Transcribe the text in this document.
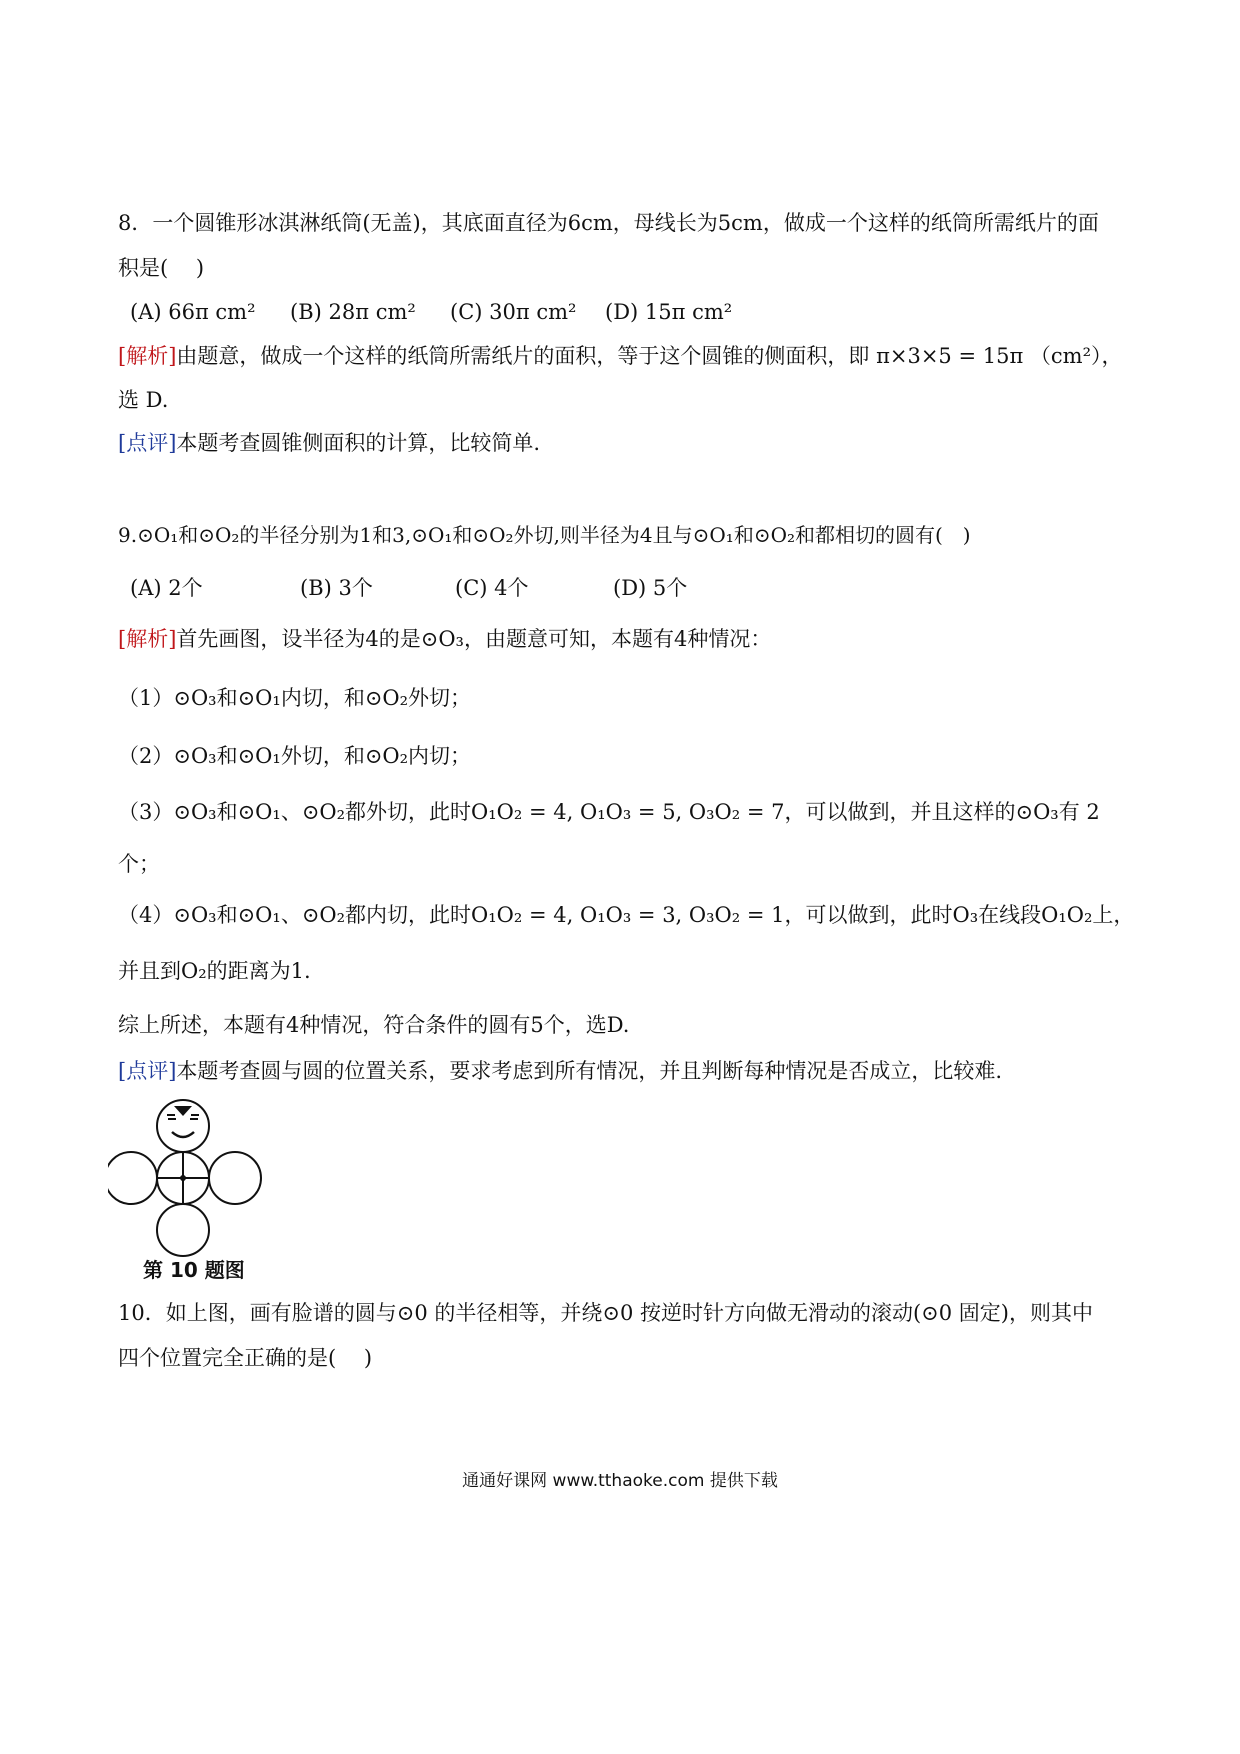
8．一个圆锥形冰淇淋纸筒(无盖)，其底面直径为6cm，母线长为5cm，做成一个这样的纸筒所需纸片的面
积是(　 )
(A) 66π cm² (B) 28π cm² (C) 30π cm² (D) 15π cm²
[解析]由题意，做成一个这样的纸筒所需纸片的面积，等于这个圆锥的侧面积，即 π×3×5 = 15π （cm²），
选 D.
[点评]本题考查圆锥侧面积的计算，比较简单.
9.⊙O₁和⊙O₂的半径分别为1和3,⊙O₁和⊙O₂外切,则半径为4且与⊙O₁和⊙O₂和都相切的圆有(　)
(A) 2个	(B) 3个	(C) 4个	(D) 5个
[解析]首先画图，设半径为4的是⊙O₃，由题意可知，本题有4种情况：
（1）⊙O₃和⊙O₁内切，和⊙O₂外切；
（2）⊙O₃和⊙O₁外切，和⊙O₂内切；
（3）⊙O₃和⊙O₁、⊙O₂都外切，此时O₁O₂ = 4, O₁O₃ = 5, O₃O₂ = 7，可以做到，并且这样的⊙O₃有 2
个；
（4）⊙O₃和⊙O₁、⊙O₂都内切，此时O₁O₂ = 4, O₁O₃ = 3, O₃O₂ = 1，可以做到，此时O₃在线段O₁O₂上，
并且到O₂的距离为1.
综上所述，本题有4种情况，符合条件的圆有5个，选D.
[点评]本题考查圆与圆的位置关系，要求考虑到所有情况，并且判断每种情况是否成立，比较难.
第 10 题图
10．如上图，画有脸谱的圆与⊙0 的半径相等，并绕⊙0 按逆时针方向做无滑动的滚动(⊙0 固定)，则其中
四个位置完全正确的是(　 )
通通好课网 www.tthaoke.com 提供下载
